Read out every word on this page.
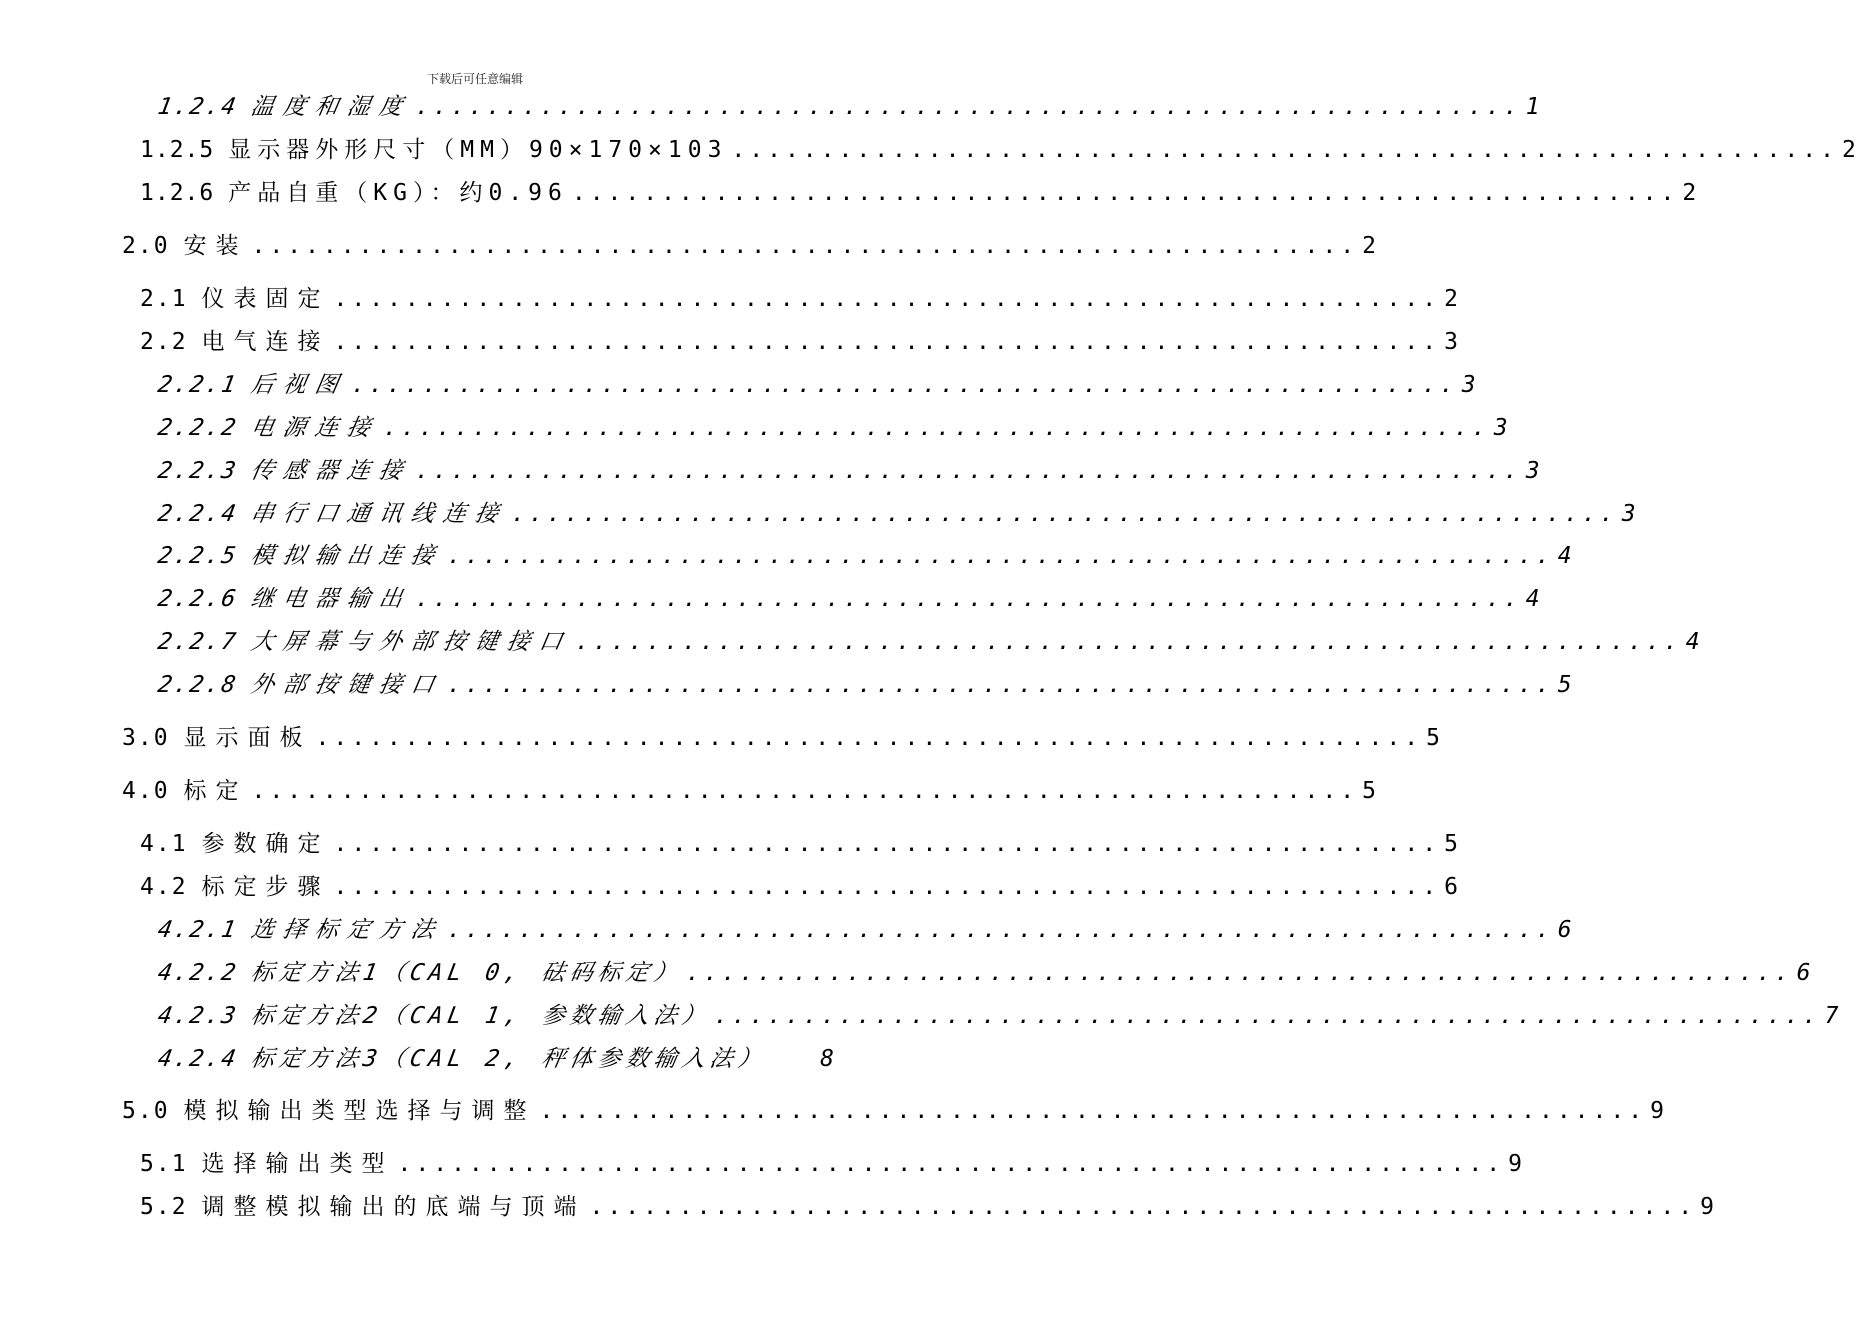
下载后可任意编辑
1.2.4 温度和湿度 .............................................................. 1
1.2.5 显示器外形尺寸（MM）90×170×103 .............................................................. 2
1.2.6 产品自重（KG）：约0.96 .............................................................. 2
2.0 安装 .............................................................. 2
2.1 仪表固定 .............................................................. 2
2.2 电气连接 .............................................................. 3
2.2.1 后视图 .............................................................. 3
2.2.2 电源连接 .............................................................. 3
2.2.3 传感器连接 .............................................................. 3
2.2.4 串行口通讯线连接 .............................................................. 3
2.2.5 模拟输出连接 .............................................................. 4
2.2.6 继电器输出 .............................................................. 4
2.2.7 大屏幕与外部按键接口 .............................................................. 4
2.2.8 外部按键接口 .............................................................. 5
3.0 显示面板 .............................................................. 5
4.0 标定 .............................................................. 5
4.1 参数确定 .............................................................. 5
4.2 标定步骤 .............................................................. 6
4.2.1 选择标定方法 .............................................................. 6
4.2.2 标定方法1（CAL 0, 砝码标定） .............................................................. 6
4.2.3 标定方法2（CAL 1, 参数输入法） .............................................................. 7
4.2.4 标定方法3（CAL 2, 秤体参数输入法） 8
5.0 模拟输出类型选择与调整 .............................................................. 9
5.1 选择输出类型 .............................................................. 9
5.2 调整模拟输出的底端与顶端 .............................................................. 9
